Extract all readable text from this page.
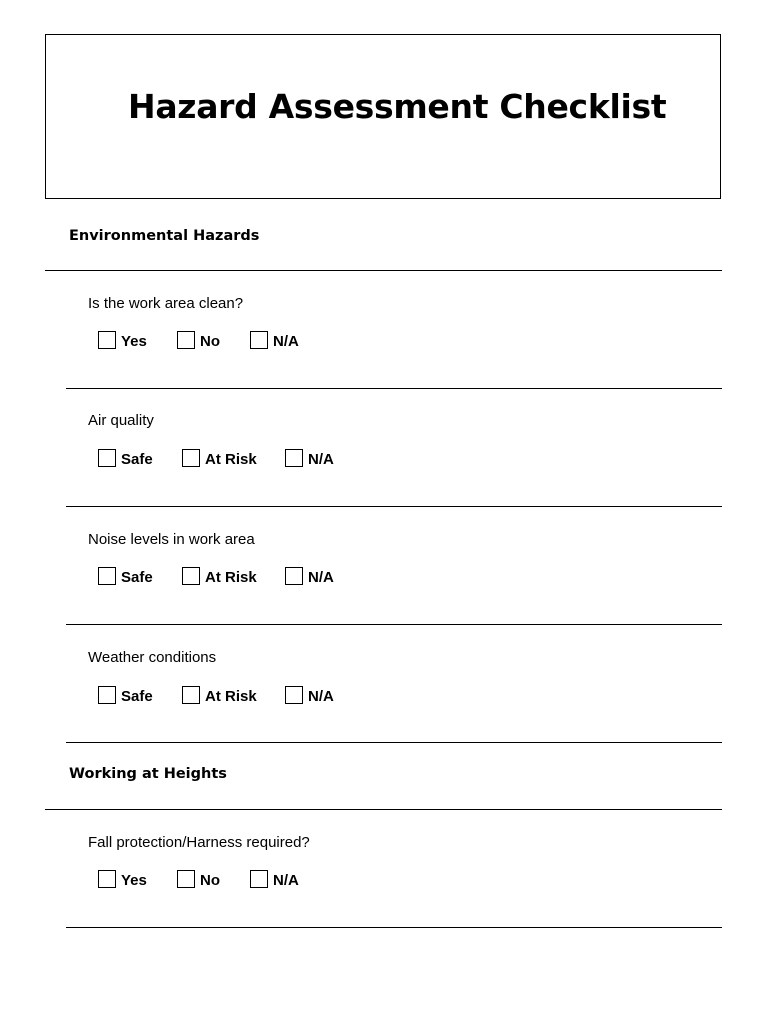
Hazard Assessment Checklist
Environmental Hazards

Is the work area clean?

Yes	No	N/A

Air quality

Safe	At Risk	N/A

Noise levels in work area

Safe	At Risk	N/A

Weather conditions

Safe	At Risk	N/A
Working at Heights

Fall protection/Harness required?

Yes	No	N/A
